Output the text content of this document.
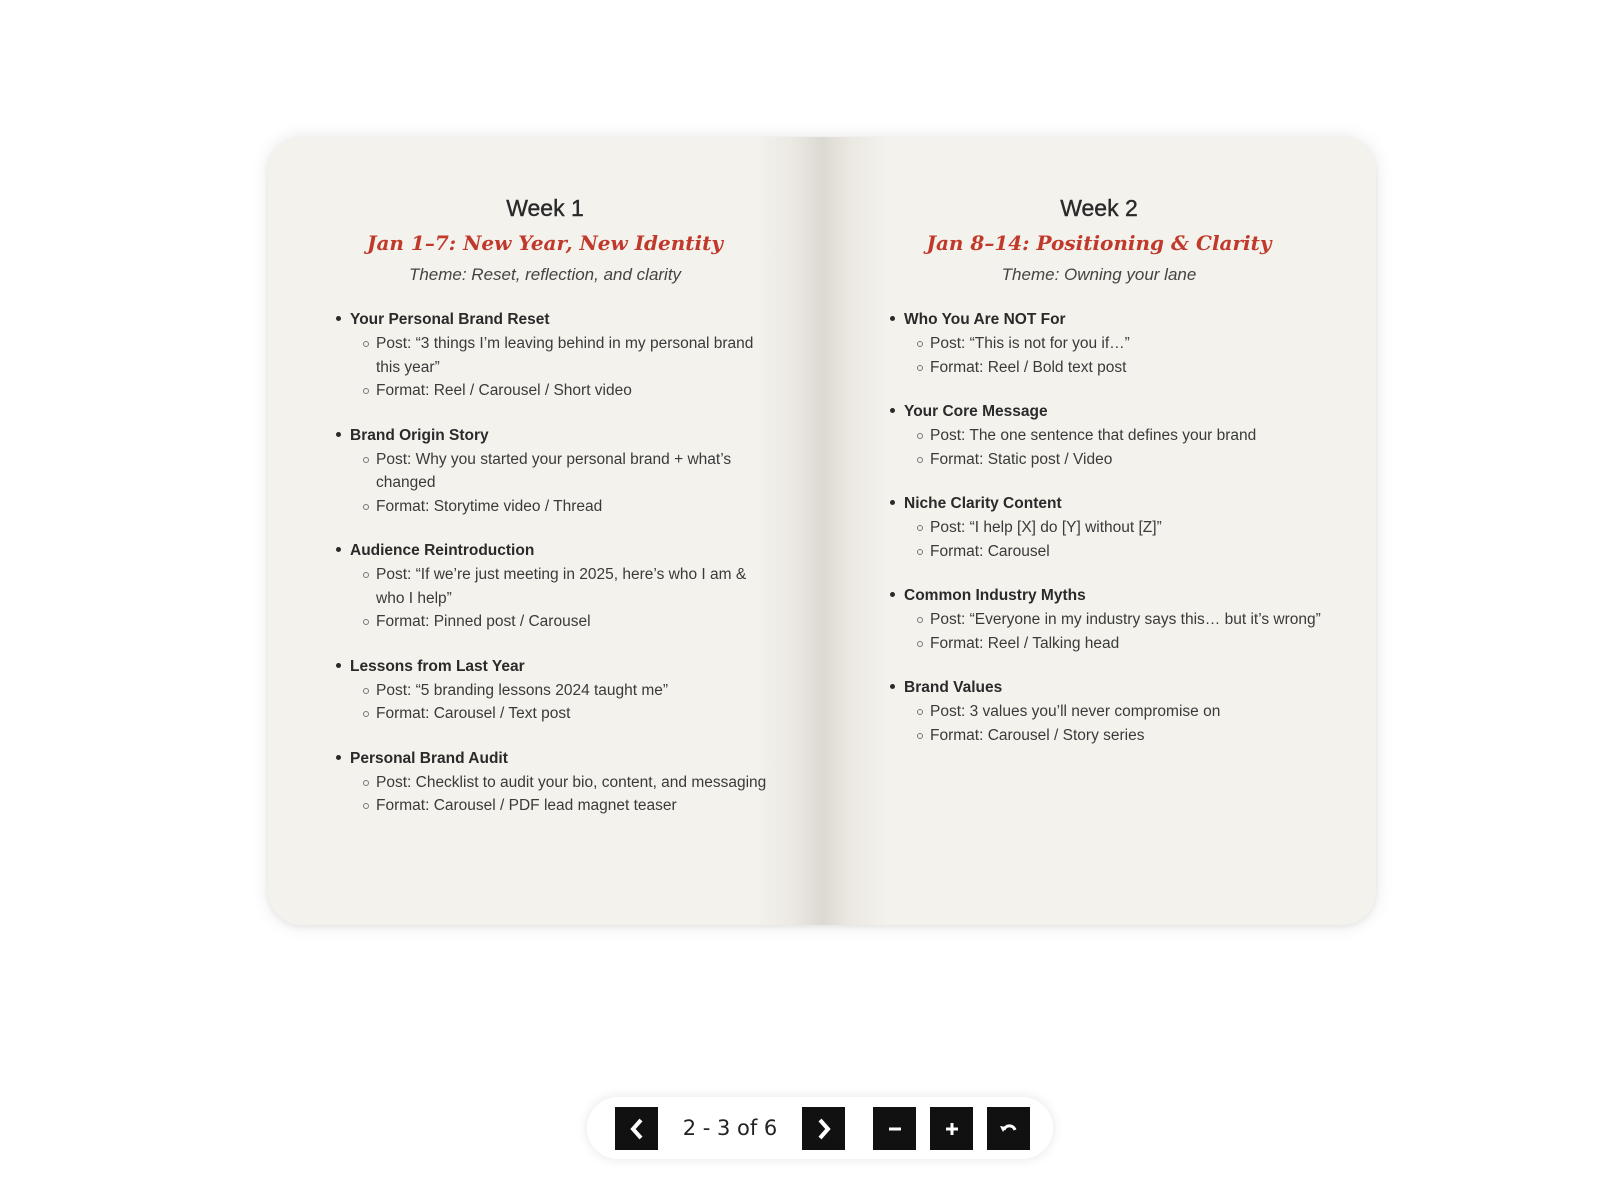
Week 1
Jan 1–7: New Year, New Identity
Theme: Reset, reflection, and clarity
Your Personal Brand Reset
Post: “3 things I’m leaving behind in my personal brand this year”
Format: Reel / Carousel / Short video
Brand Origin Story
Post: Why you started your personal brand + what’s changed
Format: Storytime video / Thread
Audience Reintroduction
Post: “If we’re just meeting in 2025, here’s who I am & who I help”
Format: Pinned post / Carousel
Lessons from Last Year
Post: “5 branding lessons 2024 taught me”
Format: Carousel / Text post
Personal Brand Audit
Post: Checklist to audit your bio, content, and messaging
Format: Carousel / PDF lead magnet teaser
Week 2
Jan 8–14: Positioning & Clarity
Theme: Owning your lane
Who You Are NOT For
Post: “This is not for you if…”
Format: Reel / Bold text post
Your Core Message
Post: The one sentence that defines your brand
Format: Static post / Video
Niche Clarity Content
Post: “I help [X] do [Y] without [Z]”
Format: Carousel
Common Industry Myths
Post: “Everyone in my industry says this… but it’s wrong”
Format: Reel / Talking head
Brand Values
Post: 3 values you’ll never compromise on
Format: Carousel / Story series
2 - 3 of 6
